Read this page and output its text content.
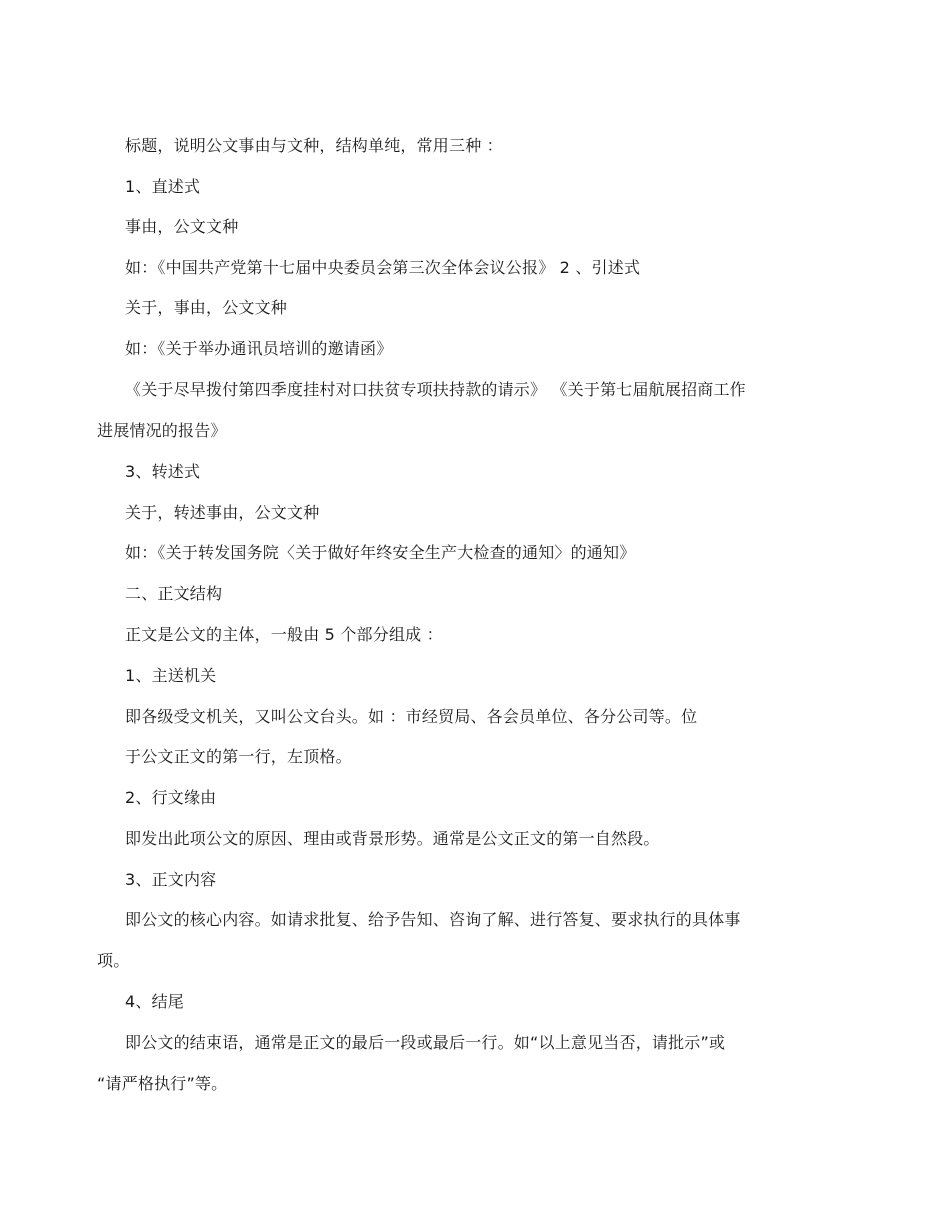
标题，说明公文事由与文种，结构单纯，常用三种 ：
1、直述式
事由，公文文种
如：《中国共产党第十七届中央委员会第三次全体会议公报》 2 、引述式
关于，事由，公文文种
如：《关于举办通讯员培训的邀请函》
《关于尽早拨付第四季度挂村对口扶贫专项扶持款的请示》 《关于第七届航展招商工作
进展情况的报告》
3、转述式
关于，转述事由，公文文种
如：《关于转发国务院〈关于做好年终安全生产大检查的通知〉的通知》
二、正文结构
正文是公文的主体，一般由 5 个部分组成 ：
1、主送机关
即各级受文机关，又叫公文台头。如 ：市经贸局、各会员单位、各分公司等。位
于公文正文的第一行，左顶格。
2、行文缘由
即发出此项公文的原因、理由或背景形势。通常是公文正文的第一自然段。
3、正文内容
即公文的核心内容。如请求批复、给予告知、咨询了解、进行答复、要求执行的具体事
项。
4、结尾
即公文的结束语，通常是正文的最后一段或最后一行。如“以上意见当否，请批示”或
“请严格执行”等。
